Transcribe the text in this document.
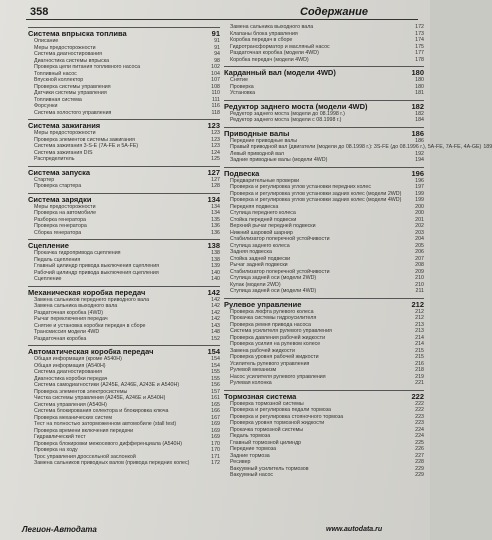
358	Содержание
Система впрыска топлива	91
Описание	91
Меры предосторожности	91
Система диагностирования	94
Диагностика системы впрыска	98
Проверка цепи питания топливного насоса	102
Топливный насос	104
Впускной коллектор	107
Проверка системы управления	108
Датчики системы управления	110
Топливная система	111
Форсунки	116
Система холостого управления	118
Система зажигания	123
Меры предосторожности	123
Проверка элементов системы зажигания	123
Система зажигания 3-S-E (7A-FE и 5A-FE)	123
Система зажигания DIS	124
Распределитель	125
Система запуска	127
Стартер	127
Проверка стартера	128
Система зарядки	134
Меры предосторожности	134
Проверка на автомобиле	134
Разборка генератора	135
Проверка генератора	136
Сборка генератора	136
Сцепление	138
Прокачка гидропривода сцепления	138
Педаль сцепления	138
Главный цилиндр привода выключения сцепления	139
Рабочий цилиндр привода выключения сцепления	140
Сцепление	140
Механическая коробка передач	142
Замена сальников переднего приводного вала	142
Замена сальника выходного вала	142
Раздаточная коробка (4WD)	142
Рычаг переключения передач	142
Снятие и установка коробки передач в сборе	143
Трансмиссия модели 4WD	148
Раздаточная коробка	152
Автоматическая коробка передач	154
Общая информация (кроме A540H)	154
Общая информация (A540H)	154
Система диагностирования	155
Диагностика коробки передач	155
Система самодиагностики (A245E, A246E, A243E и A540H)	156
Проверка элементов электросистемы	157
Чистка системы управления (A245E, A246E и A540H)	161
Система управления (A540H)	165
Система блокирования селектора и блокировка ключа	166
Проверка механических систем	167
Тест на полностью заторможенном автомобиле (stall test)	169
Проверка времени включения передачи	169
Гидравлический тест	169
Проверка блокировки межосевого дифференциала (A540H)	170
Проверка на ходу	170
Трос управления дроссельной заслонкой	171
Замена сальников приводных валов (привода передних колес)	172
Замена сальника выходного вала	172
Клапаны блока управления	173
Коробка передач в сборе	174
Гидротрансформатор и масляный насос	175
Раздаточная коробка (модели 4WD)	177
Коробка передач (модели 4WD)	178
Карданный вал (модели 4WD)	180
Снятие	180
Проверка	180
Установка	181
Редуктор заднего моста (модели 4WD)	182
Редуктор заднего моста (модели до 08.1998 г.)	182
Редуктор заднего моста (модели с 08.1998 г.)	184
Приводные валы	186
Передние приводные валы	186
Правый приводной вал (двигатели (модели до 08.1998 г.): 3S-FE (до 08.1996 г.), 5A-FE, 7A-FE, 4A-GE) 189
Левый приводной вал	192
Задние приводные валы (модели 4WD)	194
Подвеска	196
Предварительные проверки	196
Проверка и регулировка углов установки передних колес	197
Проверка и регулировка углов установки задних колес (модели 2WD)	199
Проверка и регулировка углов установки задних колес (модели 4WD)	199
Передняя подвеска	200
Ступица переднего колеса	200
Стойка передней подвески	201
Верхний рычаг передней подвески	202
Нижний шаровой шарнир	203
Стабилизатор поперечной устойчивости	204
Ступица заднего колеса	205
Задняя подвеска	206
Стойка задней подвески	207
Рычаг задней подвески	208
Стабилизатор поперечной устойчивости	209
Ступица задней оси (модели 2WD)	210
Кулак (модели 2WD)	210
Ступица задней оси (модели 4WD)	211
Рулевое управление	212
Проверка люфта рулевого колеса	212
Прокачка системы гидроусилителя	212
Проверка ремня привода насоса	213
Система усилителя рулевого управления	213
Проверка давления рабочей жидкости	214
Проверка усилия на рулевом колесе	214
Замена рабочей жидкости	215
Проверка уровня рабочей жидкости	215
Усилитель рулевого управления	216
Рулевой механизм	218
Насос усилителя рулевого управления	219
Рулевая колонка	221
Тормозная система	222
Проверка тормозной системы	222
Проверка и регулировка педали тормоза	222
Проверка и регулировка стояночного тормоза	223
Проверка уровня тормозной жидкости	223
Прокачка тормозной системы	224
Педаль тормоза	224
Главный тормозной цилиндр	225
Передние тормоза	226
Задние тормоза	227
Ресивер	228
Вакуумный усилитель тормозов	229
Вакуумный насос	229
Легион-Автодата	www.autodata.ru
